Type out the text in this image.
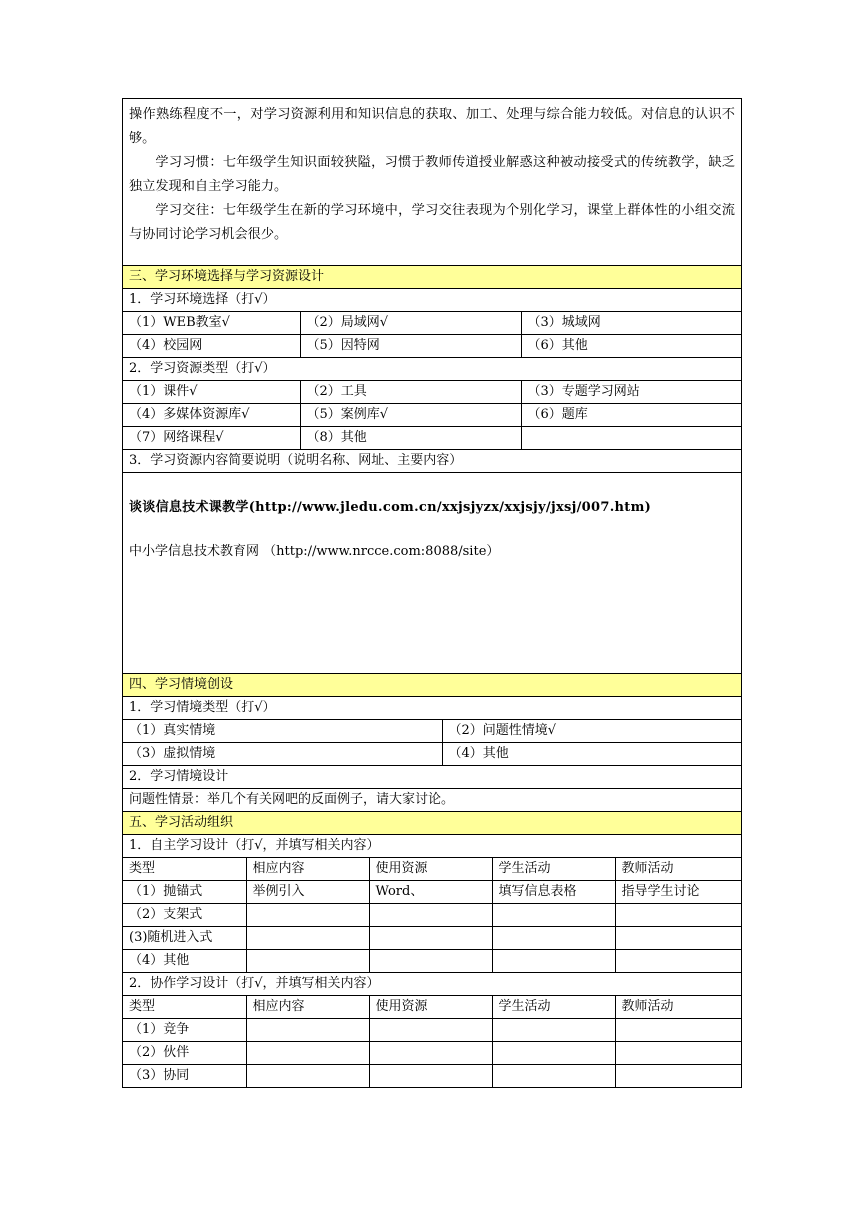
操作熟练程度不一，对学习资源利用和知识信息的获取、加工、处理与综合能力较低。对信息的认识不够。

学习习惯：七年级学生知识面较狭隘，习惯于教师传道授业解惑这种被动接受式的传统教学，缺乏独立发现和自主学习能力。

学习交往：七年级学生在新的学习环境中，学习交往表现为个别化学习，课堂上群体性的小组交流与协同讨论学习机会很少。

三、学习环境选择与学习资源设计
1．学习环境选择（打√）

（1）WEB教室√	（2）局域网√	（3）城域网
（4）校园网	（5）因特网	（6）其他

2．学习资源类型（打√）

（1）课件√	（2）工具	（3）专题学习网站
（4）多媒体资源库√	（5）案例库√	（6）题库
（7）网络课程√	（8）其他	

3．学习资源内容简要说明（说明名称、网址、主要内容）

谈谈信息技术课教学(http://www.jledu.com.cn/xxjsjyzx/xxjsjy/jxsj/007.htm)
中小学信息技术教育网 （http://www.nrcce.com:8088/site）

四、学习情境创设
1．学习情境类型（打√）

（1）真实情境	（2）问题性情境√
（3）虚拟情境	（4）其他

2．学习情境设计
问题性情景：举几个有关网吧的反面例子，请大家讨论。
五、学习活动组织
1．自主学习设计（打√，并填写相关内容）

类型	相应内容	使用资源	学生活动	教师活动
（1）抛锚式	举例引入	Word、	填写信息表格	指导学生讨论
（2）支架式				
(3)随机进入式				
（4）其他				

2．协作学习设计（打√，并填写相关内容）

类型	相应内容	使用资源	学生活动	教师活动
（1）竞争				
（2）伙伴				
（3）协同				
